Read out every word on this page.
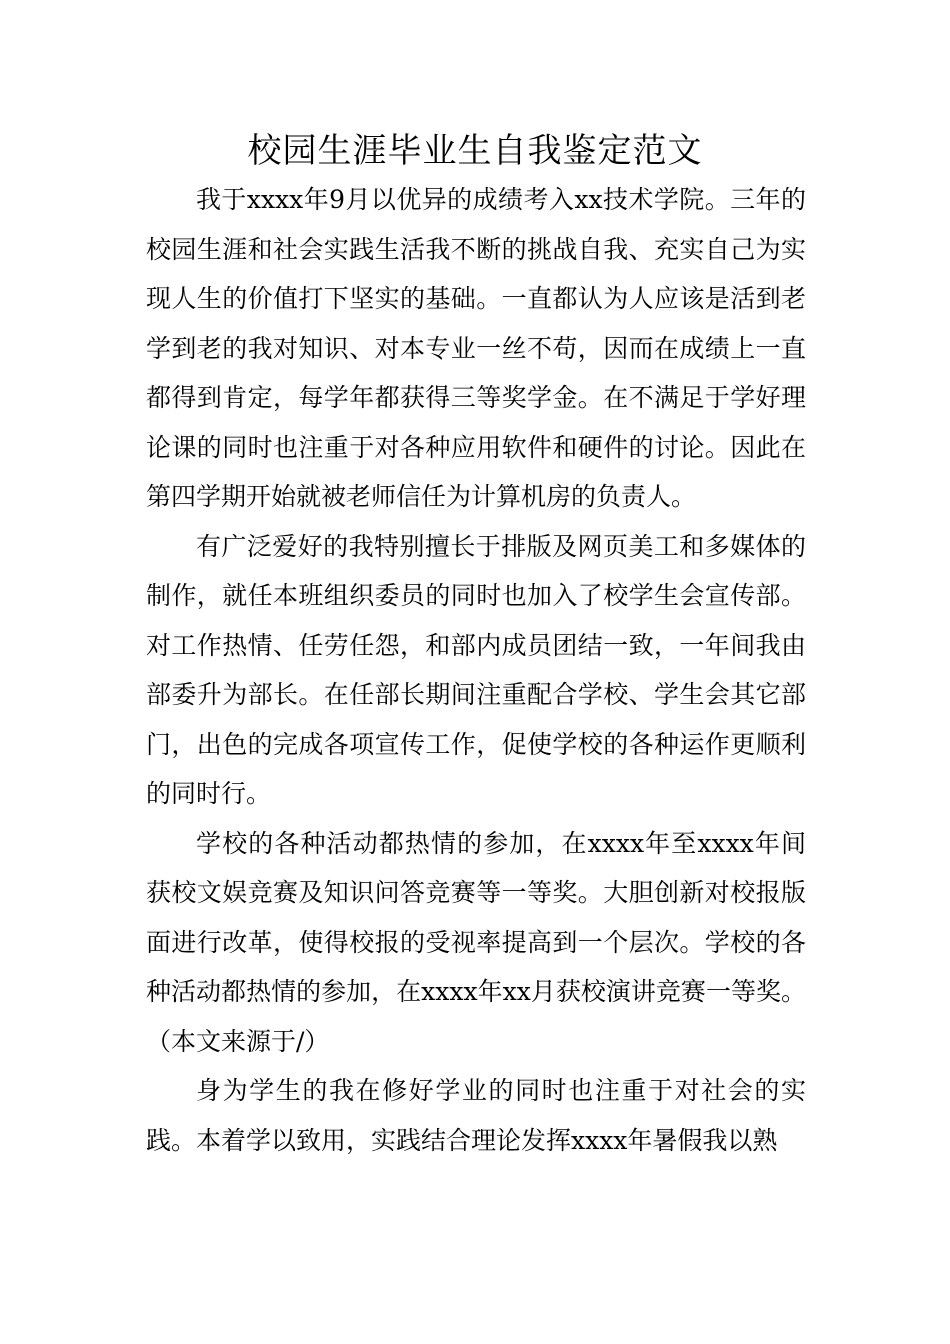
校园生涯毕业生自我鉴定范文

我于xxxx年9月以优异的成绩考入xx技术学院。三年的校园生涯和社会实践生活我不断的挑战自我、充实自己为实现人生的价值打下坚实的基础。一直都认为人应该是活到老学到老的我对知识、对本专业一丝不苟，因而在成绩上一直都得到肯定，每学年都获得三等奖学金。在不满足于学好理论课的同时也注重于对各种应用软件和硬件的讨论。因此在第四学期开始就被老师信任为计算机房的负责人。

有广泛爱好的我特别擅长于排版及网页美工和多媒体的制作，就任本班组织委员的同时也加入了校学生会宣传部。对工作热情、任劳任怨，和部内成员团结一致，一年间我由部委升为部长。在任部长期间注重配合学校、学生会其它部门，出色的完成各项宣传工作，促使学校的各种运作更顺利的同时行。

学校的各种活动都热情的参加，在xxxx年至xxxx年间获校文娱竞赛及知识问答竞赛等一等奖。大胆创新对校报版面进行改革，使得校报的受视率提高到一个层次。学校的各种活动都热情的参加，在xxxx年xx月获校演讲竞赛一等奖。（本文来源于/）

身为学生的我在修好学业的同时也注重于对社会的实践。本着学以致用，实践结合理论发挥xxxx年暑假我以熟
